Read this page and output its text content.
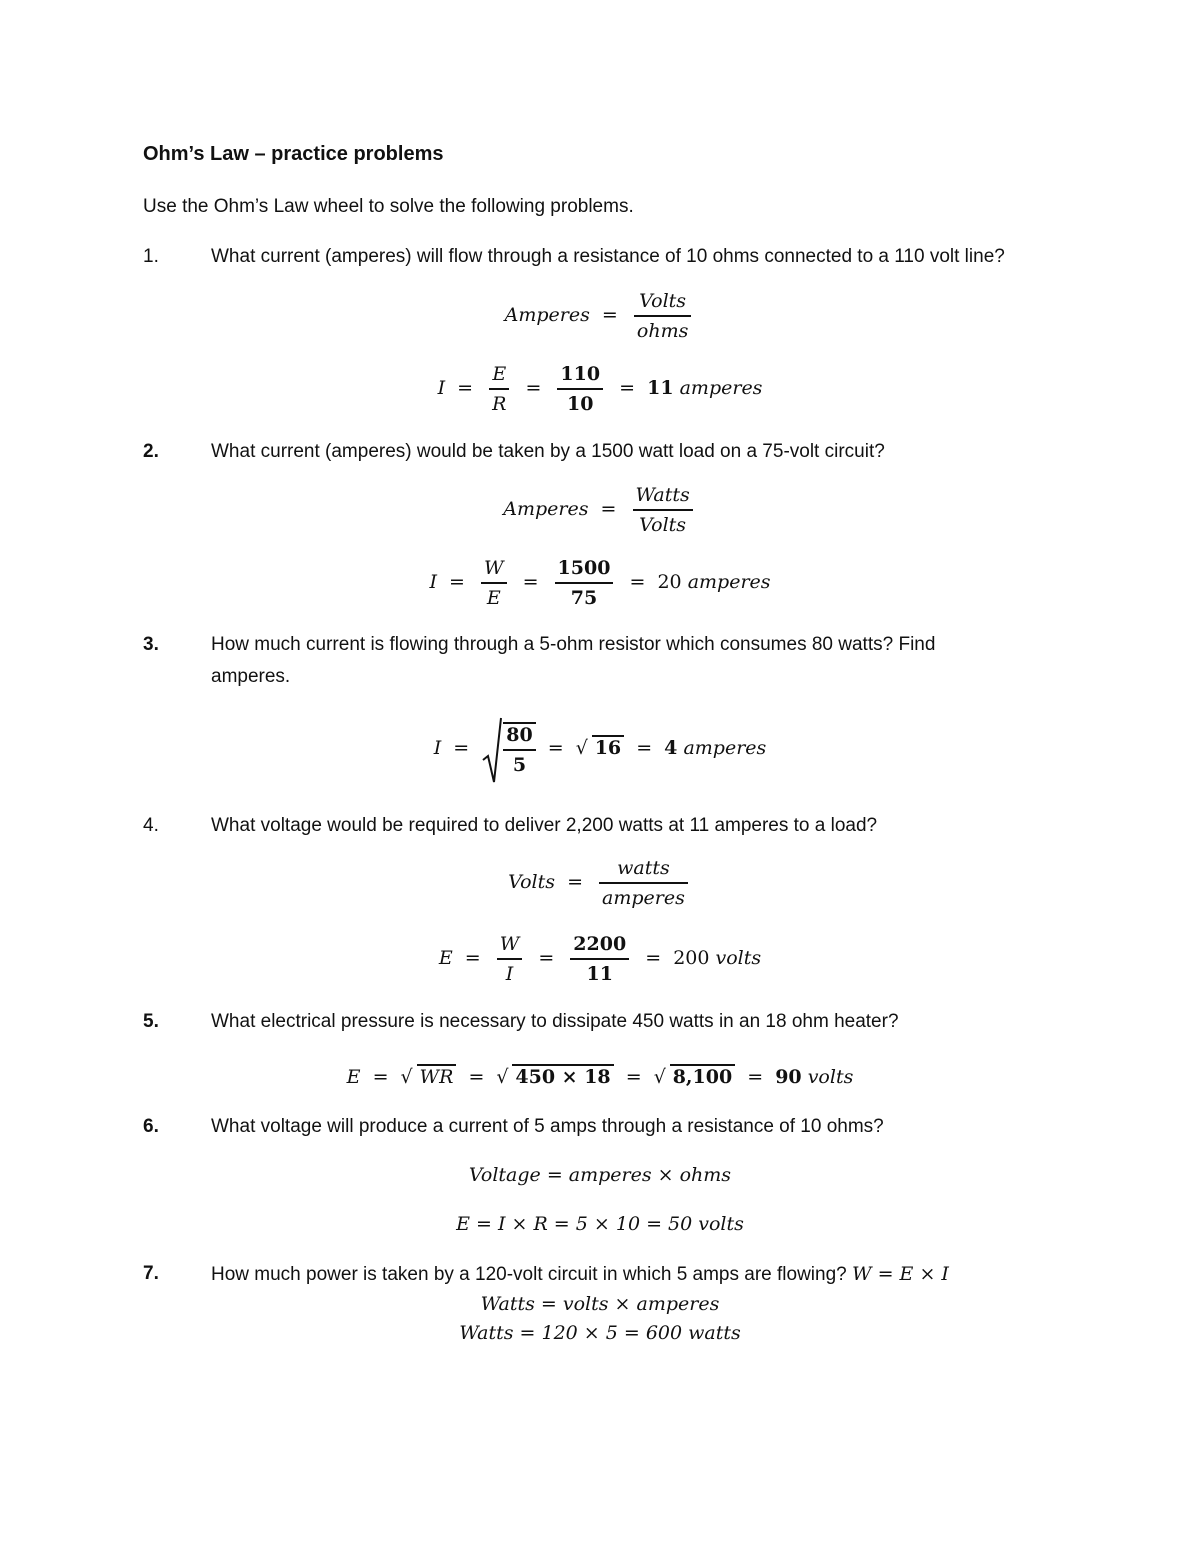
Ohm’s Law – practice problems
Use the Ohm’s Law wheel to solve the following problems.
1.	What current (amperes) will flow through a resistance of 10 ohms connected to a 110 volt line?
Amperes = $\frac{\text{Volts}}{\text{ohms}}$
$I = \frac{E}{R} = \frac{110}{10} = 11$ amperes
2.	What current (amperes) would be taken by a 1500 watt load on a 75-volt circuit?
Amperes = $\frac{\text{Watts}}{\text{Volts}}$
$I = \frac{W}{E} = \frac{1500}{75} = 20$ amperes
3.	How much current is flowing through a 5-ohm resistor which consumes 80 watts? Find
amperes.
$I = \frac{80}{5}$ = √ 16 = 4 amperes
4.	What voltage would be required to deliver 2,200 watts at 11 amperes to a load?
Volts = $\frac{\text{watts}}{\text{amperes}}$
$E = \frac{W}{I} = \frac{2200}{11} = 200$ volts
5.	What electrical pressure is necessary to dissipate 450 watts in an 18 ohm heater?
E = √ WR = √ 450 × 18 = √ 8,100 = 90 volts
6.	What voltage will produce a current of 5 amps through a resistance of 10 ohms?
Voltage = amperes × ohms
E = I × R = 5 × 10 = 50 volts
7.	How much power is taken by a 120-volt circuit in which 5 amps are flowing? W = E × I
Watts = volts × amperes
Watts = 120 × 5 = 600 watts
